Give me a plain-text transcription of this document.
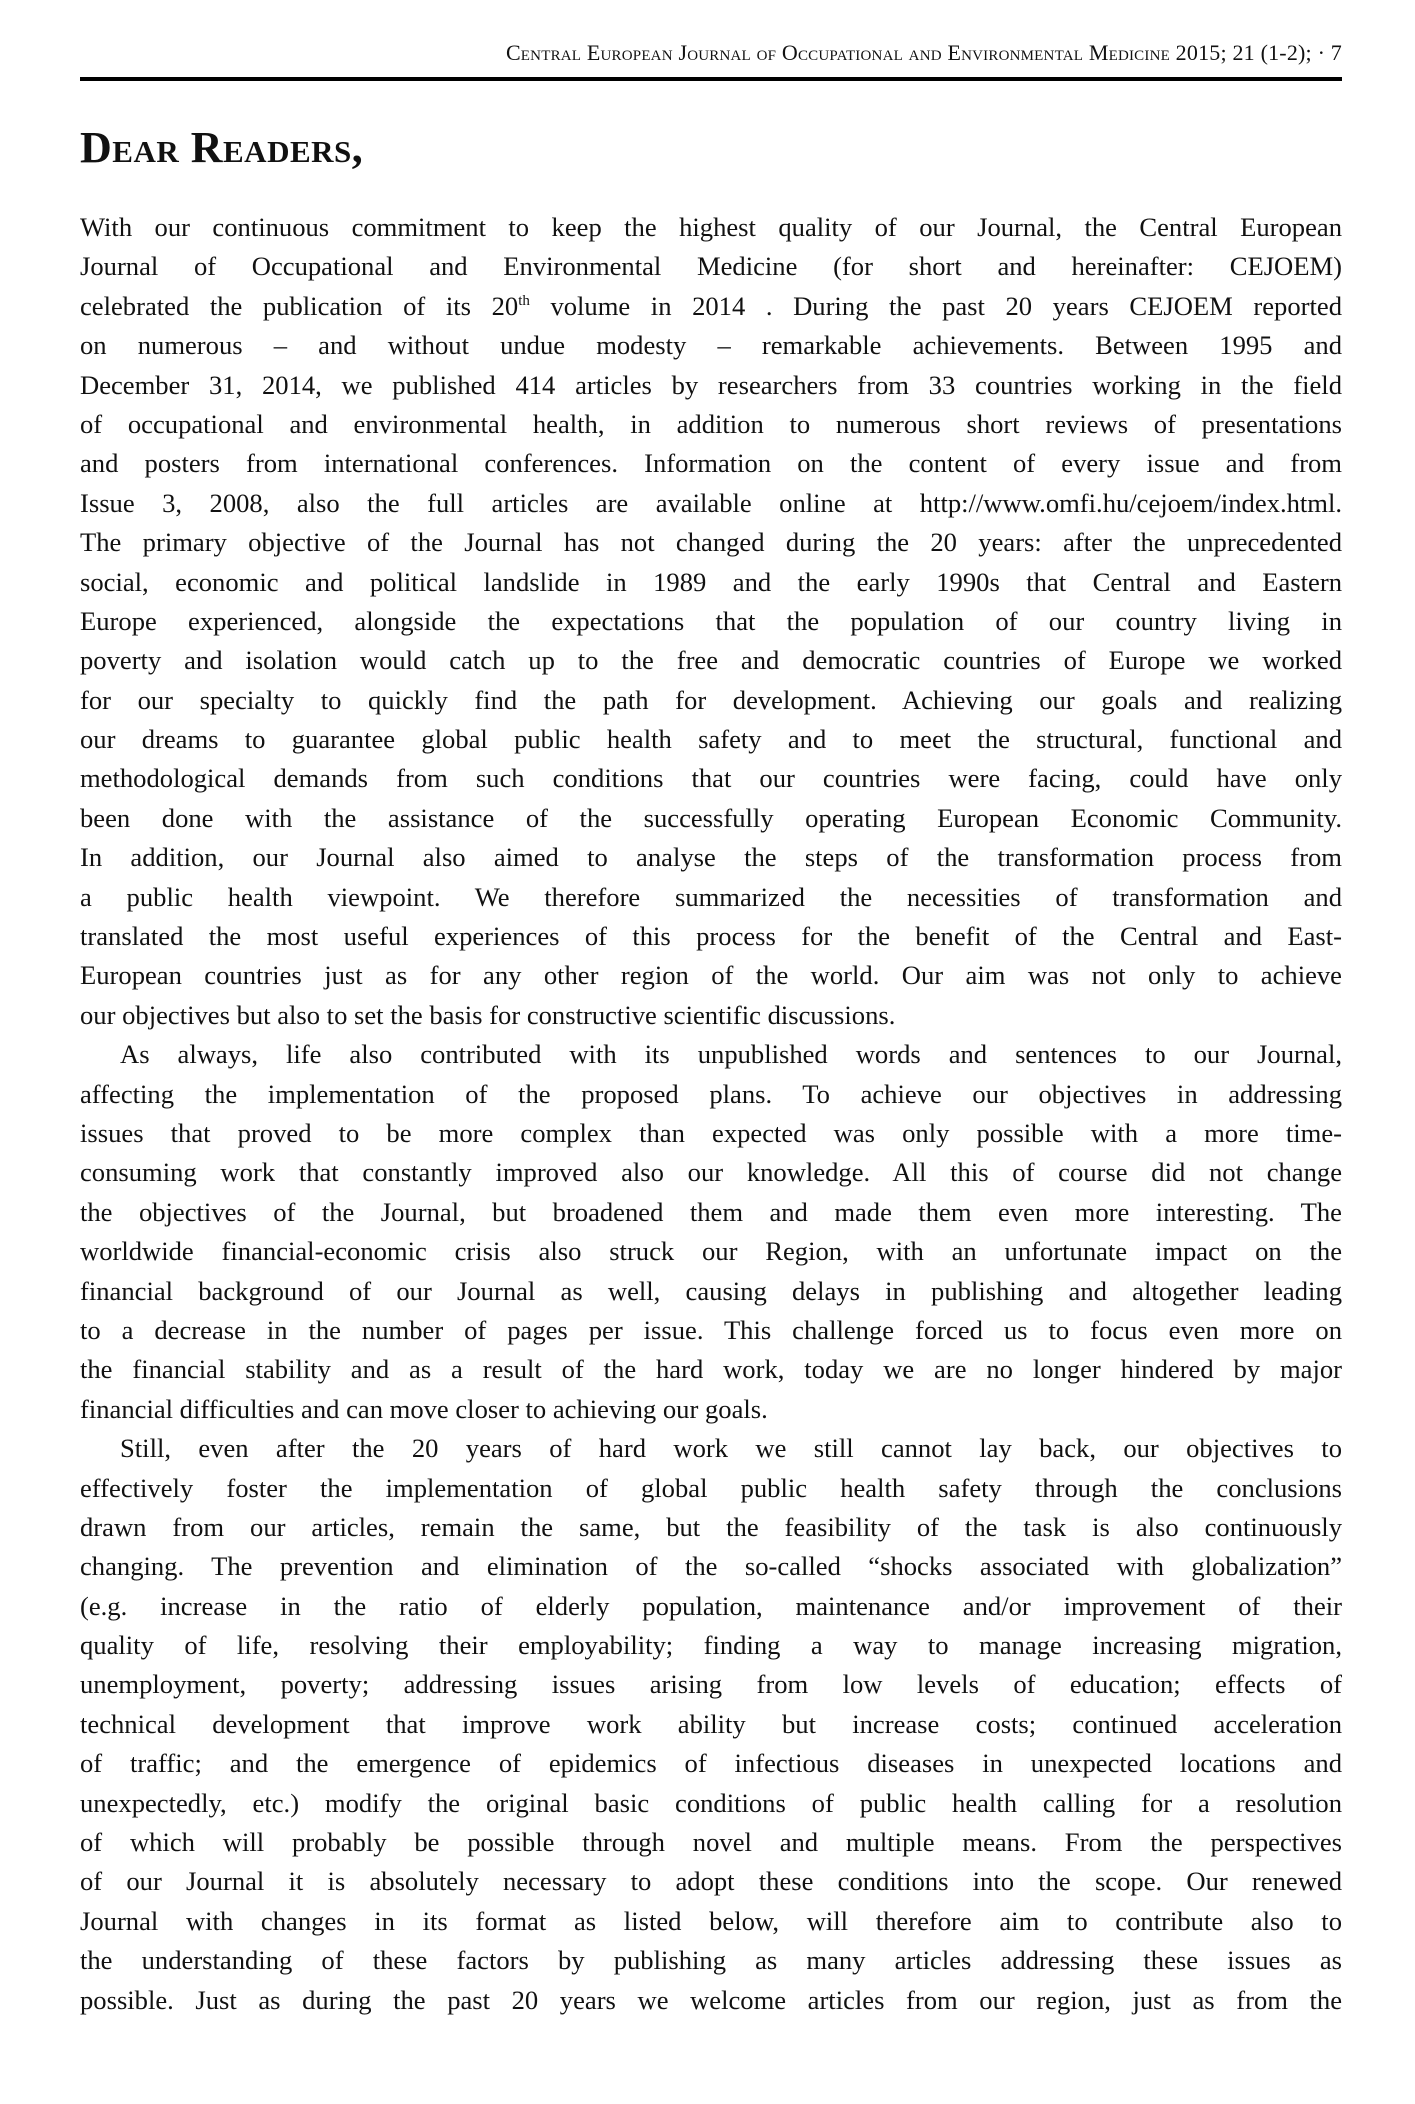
Central European Journal of Occupational and Environmental Medicine 2015; 21 (1-2); · 7
Dear Readers,
With our continuous commitment to keep the highest quality of our Journal, the Central European
Journal of Occupational and Environmental Medicine (for short and hereinafter: CEJOEM)
celebrated the publication of its 20th volume in 2014 . During the past 20 years CEJOEM reported
on numerous – and without undue modesty – remarkable achievements. Between 1995 and
December 31, 2014, we published 414 articles by researchers from 33 countries working in the field
of occupational and environmental health, in addition to numerous short reviews of presentations
and posters from international conferences. Information on the content of every issue and from
Issue 3, 2008, also the full articles are available online at http://www.omfi.hu/cejoem/index.html.
The primary objective of the Journal has not changed during the 20 years: after the unprecedented
social, economic and political landslide in 1989 and the early 1990s that Central and Eastern
Europe experienced, alongside the expectations that the population of our country living in
poverty and isolation would catch up to the free and democratic countries of Europe we worked
for our specialty to quickly find the path for development. Achieving our goals and realizing
our dreams to guarantee global public health safety and to meet the structural, functional and
methodological demands from such conditions that our countries were facing, could have only
been done with the assistance of the successfully operating European Economic Community.
In addition, our Journal also aimed to analyse the steps of the transformation process from
a public health viewpoint. We therefore summarized the necessities of transformation and
translated the most useful experiences of this process for the benefit of the Central and East-
European countries just as for any other region of the world. Our aim was not only to achieve
our objectives but also to set the basis for constructive scientific discussions.
As always, life also contributed with its unpublished words and sentences to our Journal,
affecting the implementation of the proposed plans. To achieve our objectives in addressing
issues that proved to be more complex than expected was only possible with a more time-
consuming work that constantly improved also our knowledge. All this of course did not change
the objectives of the Journal, but broadened them and made them even more interesting. The
worldwide financial-economic crisis also struck our Region, with an unfortunate impact on the
financial background of our Journal as well, causing delays in publishing and altogether leading
to a decrease in the number of pages per issue. This challenge forced us to focus even more on
the financial stability and as a result of the hard work, today we are no longer hindered by major
financial difficulties and can move closer to achieving our goals.
Still, even after the 20 years of hard work we still cannot lay back, our objectives to
effectively foster the implementation of global public health safety through the conclusions
drawn from our articles, remain the same, but the feasibility of the task is also continuously
changing. The prevention and elimination of the so-called “shocks associated with globalization”
(e.g. increase in the ratio of elderly population, maintenance and/or improvement of their
quality of life, resolving their employability; finding a way to manage increasing migration,
unemployment, poverty; addressing issues arising from low levels of education; effects of
technical development that improve work ability but increase costs; continued acceleration
of traffic; and the emergence of epidemics of infectious diseases in unexpected locations and
unexpectedly, etc.) modify the original basic conditions of public health calling for a resolution
of which will probably be possible through novel and multiple means. From the perspectives
of our Journal it is absolutely necessary to adopt these conditions into the scope. Our renewed
Journal with changes in its format as listed below, will therefore aim to contribute also to
the understanding of these factors by publishing as many articles addressing these issues as
possible. Just as during the past 20 years we welcome articles from our region, just as from the
